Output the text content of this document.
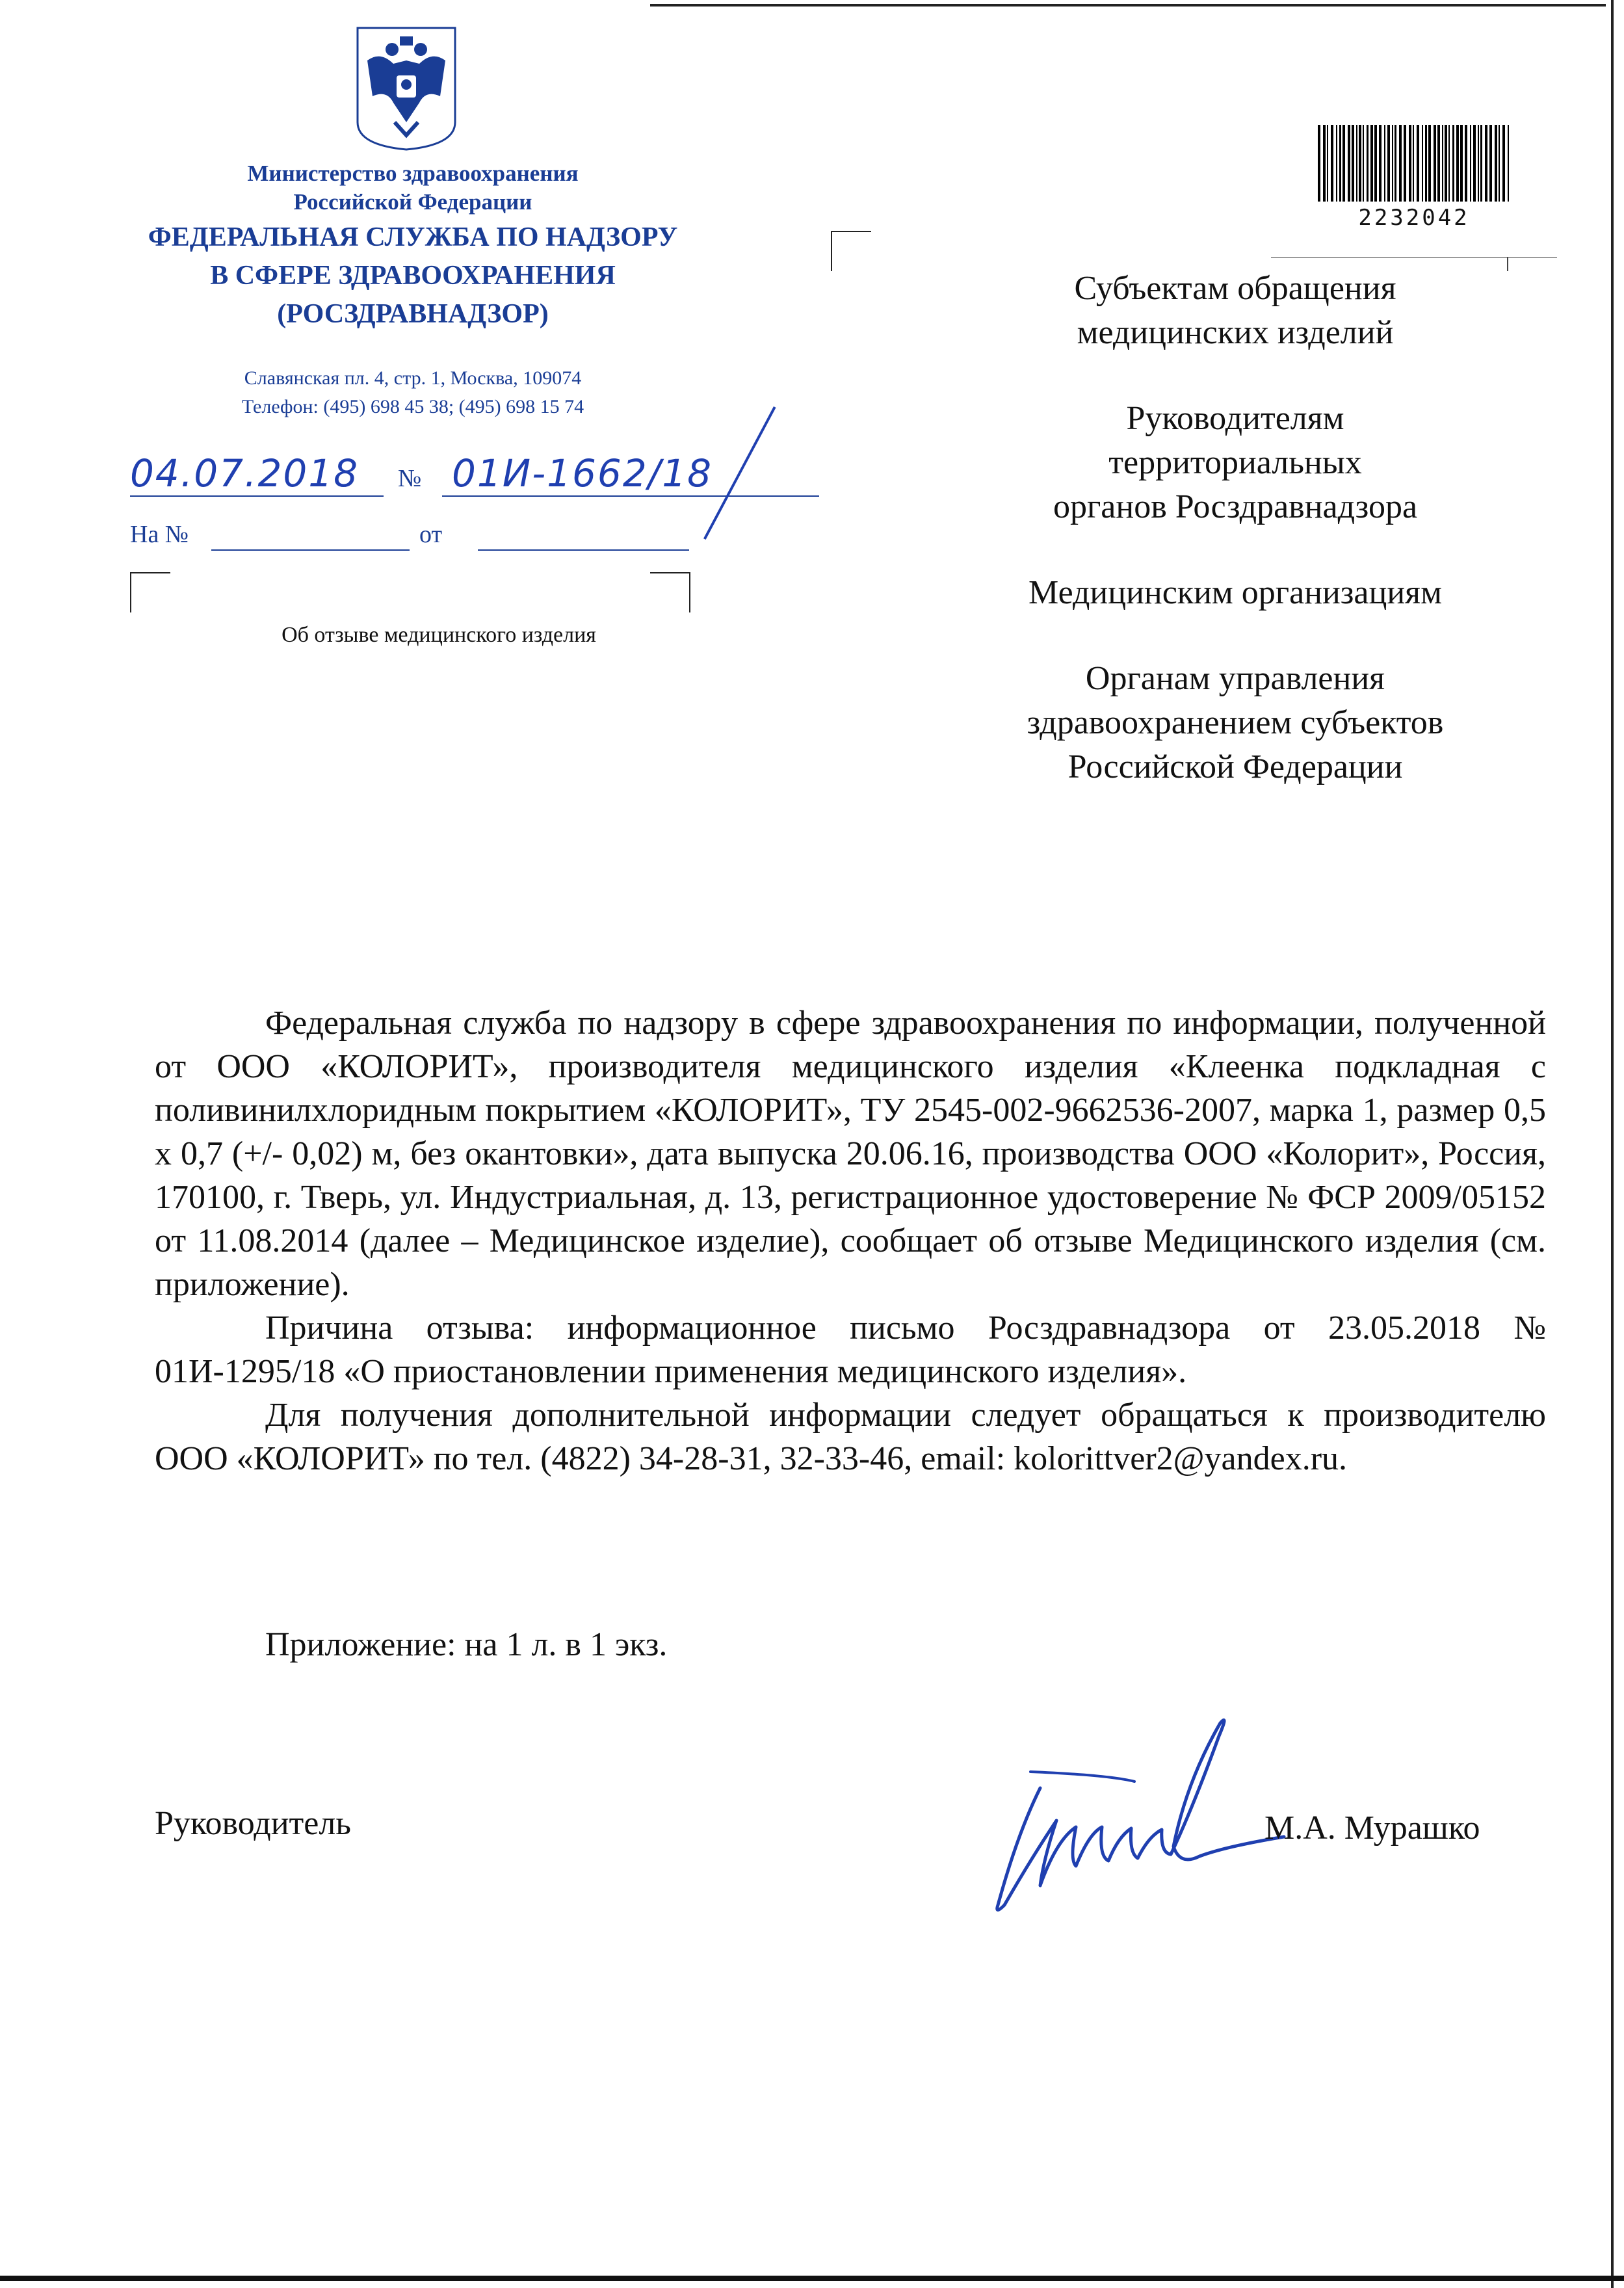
Министерство здравоохранения
Российской Федерации
ФЕДЕРАЛЬНАЯ СЛУЖБА ПО НАДЗОРУ
В СФЕРЕ ЗДРАВООХРАНЕНИЯ
(РОСЗДРАВНАДЗОР)
Славянская пл. 4, стр. 1, Москва, 109074
Телефон: (495) 698 45 38; (495) 698 15 74
04.07.2018 № 01И-1662/18
На №	от
Об отзыве медицинского изделия
2232042
Субъектам обращения
медицинских изделий
Руководителям
территориальных
органов Росздравнадзора
Медицинским организациям
Органам управления
здравоохранением субъектов
Российской Федерации

Федеральная служба по надзору в сфере здравоохранения по информации, полученной от ООО «КОЛОРИТ», производителя медицинского изделия «Клеенка подкладная с поливинилхлоридным покрытием «КОЛОРИТ», ТУ 2545-002-9662536-2007, марка 1, размер 0,5 х 0,7 (+/- 0,02) м, без окантовки», дата выпуска 20.06.16, производства ООО «Колорит», Россия, 170100, г. Тверь, ул. Индустриальная, д. 13, регистрационное удостоверение № ФСР 2009/05152 от 11.08.2014 (далее – Медицинское изделие), сообщает об отзыве Медицинского изделия (см. приложение).

Причина отзыва: информационное письмо Росздравнадзора от 23.05.2018 № 01И-1295/18 «О приостановлении применения медицинского изделия».

Для получения дополнительной информации следует обращаться к производителю ООО «КОЛОРИТ» по тел. (4822) 34-28-31, 32-33-46, email: kolorittver2@yandex.ru.

Приложение: на 1 л. в 1 экз.
Руководитель	М.А. Мурашко
